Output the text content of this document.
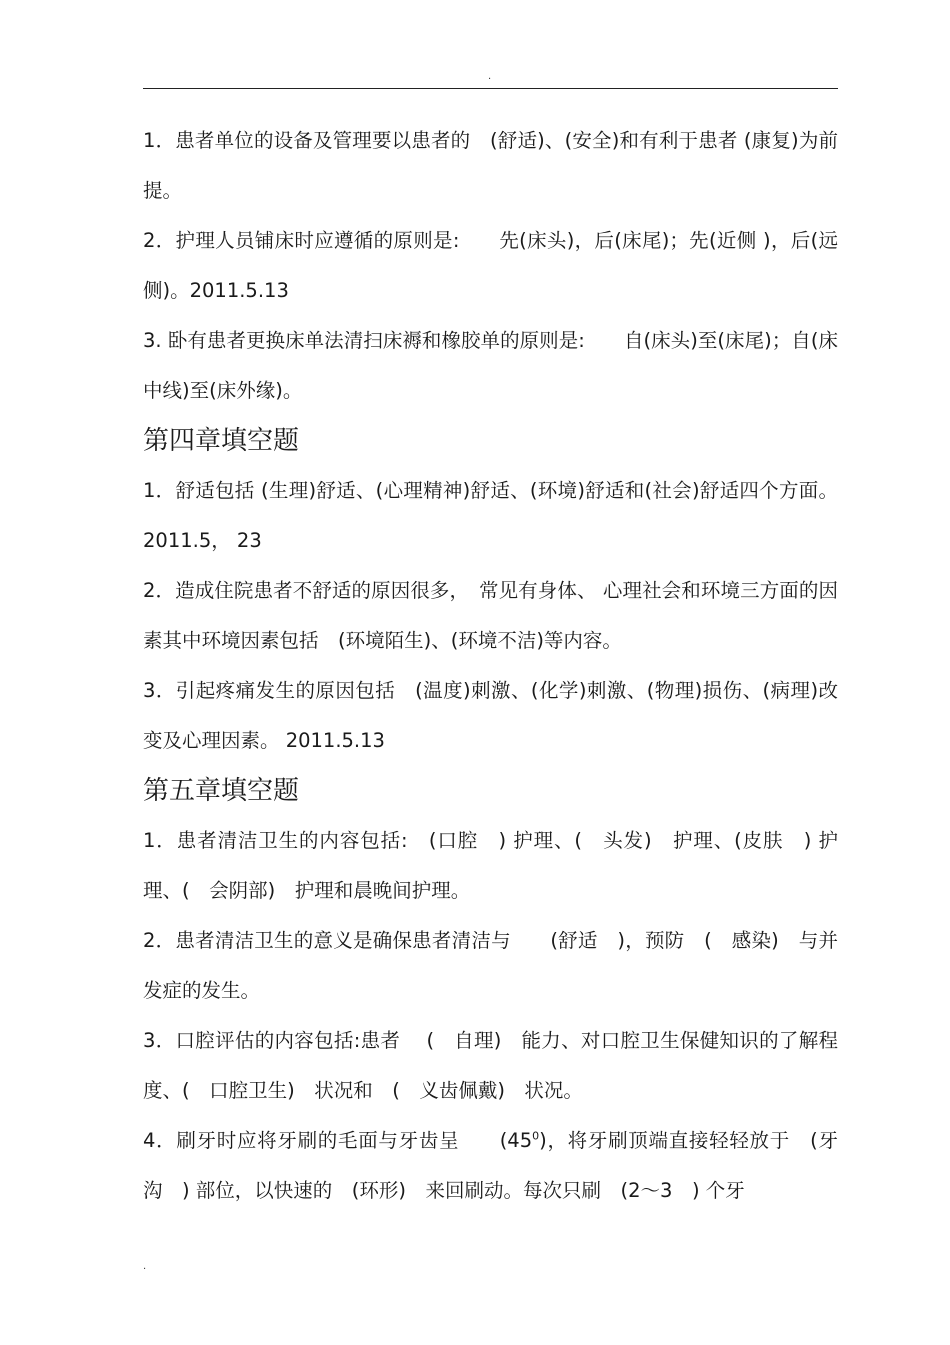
.

1．患者单位的设备及管理要以患者的　(舒适)、(安全)和有利于患者 (康复)为前提。

2．护理人员铺床时应遵循的原则是:　　先(床头)，后(床尾)；先(近侧 )，后(远侧)。2011.5.13

3. 卧有患者更换床单法清扫床褥和橡胶单的原则是:　　自(床头)至(床尾)；自(床中线)至(床外缘)。

第四章填空题

1．舒适包括 (生理)舒适、(心理精神)舒适、(环境)舒适和(社会)舒适四个方面。 2011.5， 23

2．造成住院患者不舒适的原因很多，　常见有身体、 心理社会和环境三方面的因素其中环境因素包括　(环境陌生)、(环境不洁)等内容。

3．引起疼痛发生的原因包括　(温度)刺激、(化学)刺激、(物理)损伤、(病理)改变及心理因素。 2011.5.13

第五章填空题

1．患者清洁卫生的内容包括:　(口腔　) 护理、(　头发)　护理、(皮肤　) 护理、(　会阴部)　护理和晨晚间护理。

2．患者清洁卫生的意义是确保患者清洁与　　(舒适　)，预防　(　感染)　与并发症的发生。

3．口腔评估的内容包括:患者　 (　自理)　能力、对口腔卫生保健知识的了解程度、(　口腔卫生)　状况和　(　义齿佩戴)　状况。

4．刷牙时应将牙刷的毛面与牙齿呈　　$(45^0)$，将牙刷顶端直接轻轻放于　(牙沟　) 部位，以快速的　(环形)　来回刷动。每次只刷　(2～3　) 个牙

.
